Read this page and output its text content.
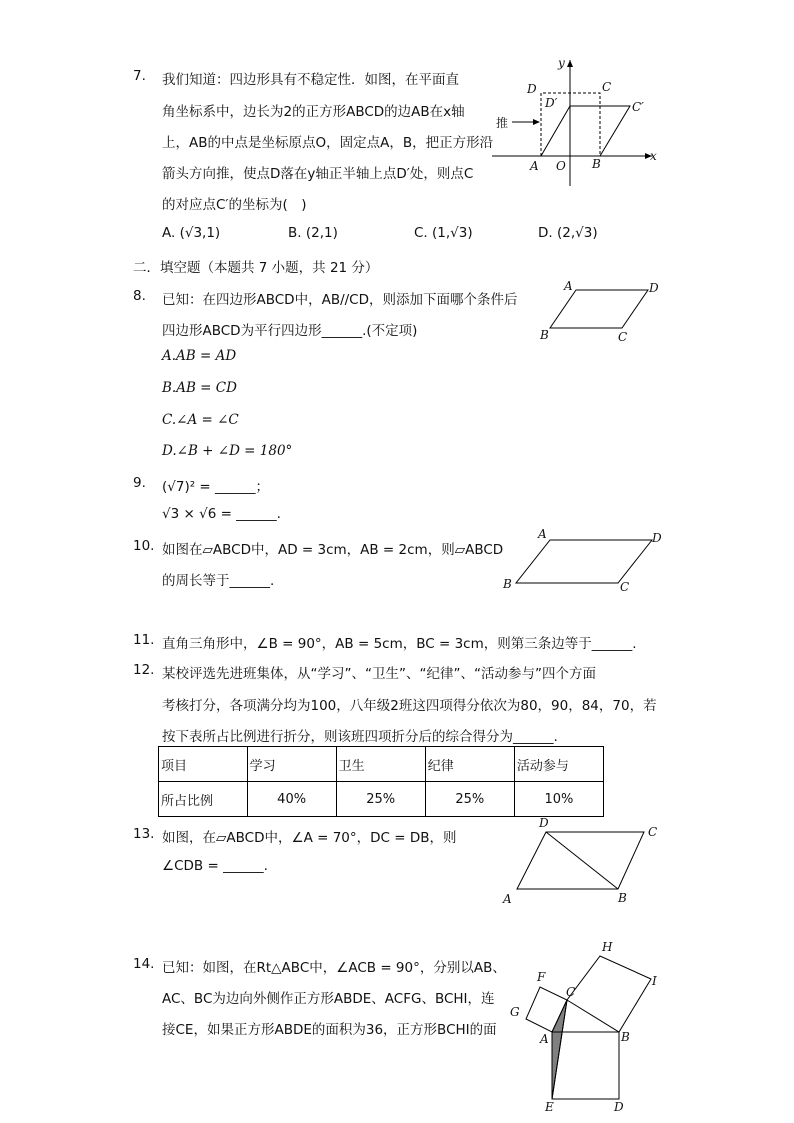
7. 我们知道：四边形具有不稳定性．如图，在平面直
角坐标系中，边长为2的正方形ABCD的边AB在x轴
上，AB的中点是坐标原点O，固定点A，B，把正方形沿
箭头方向推，使点D落在y轴正半轴上点D′处，则点C
的对应点C′的坐标为(　)
A. (√3,1)	B. (2,1)	C. (1,√3)	D. (2,√3)
y
x
D	C
D′	C′
推
A O B
二．填空题（本题共 7 小题，共 21 分）
8. 已知：在四边形ABCD中，AB//CD，则添加下面哪个条件后
四边形ABCD为平行四边形______.(不定项)
A.AB = AD
B.AB = CD
C.∠A = ∠C
D.∠B + ∠D = 180°
A	D
B	C
9. (√7)² = ______；
√3 × √6 = ______.
10. 如图在▱ABCD中，AD = 3cm，AB = 2cm，则▱ABCD
的周长等于______.
A	D
B	C
11. 直角三角形中，∠B = 90°，AB = 5cm，BC = 3cm，则第三条边等于______.
12. 某校评选先进班集体，从“学习”、“卫生”、“纪律”、“活动参与”四个方面
考核打分，各项满分均为100，八年级2班这四项得分依次为80，90，84，70，若
按下表所占比例进行折分，则该班四项折分后的综合得分为______.
项目	学习	卫生	纪律	活动参与
所占比例	40%	25%	25%	10%
13. 如图，在▱ABCD中，∠A = 70°，DC = DB，则
∠CDB = ______.
D
C
A	B
14. 已知：如图，在Rt△ABC中，∠ACB = 90°，分别以AB、
AC、BC为边向外侧作正方形ABDE、ACFG、BCHI，连
接CE，如果正方形ABDE的面积为36，正方形BCHI的面
H
I
F
C
G
A	B
E	D
